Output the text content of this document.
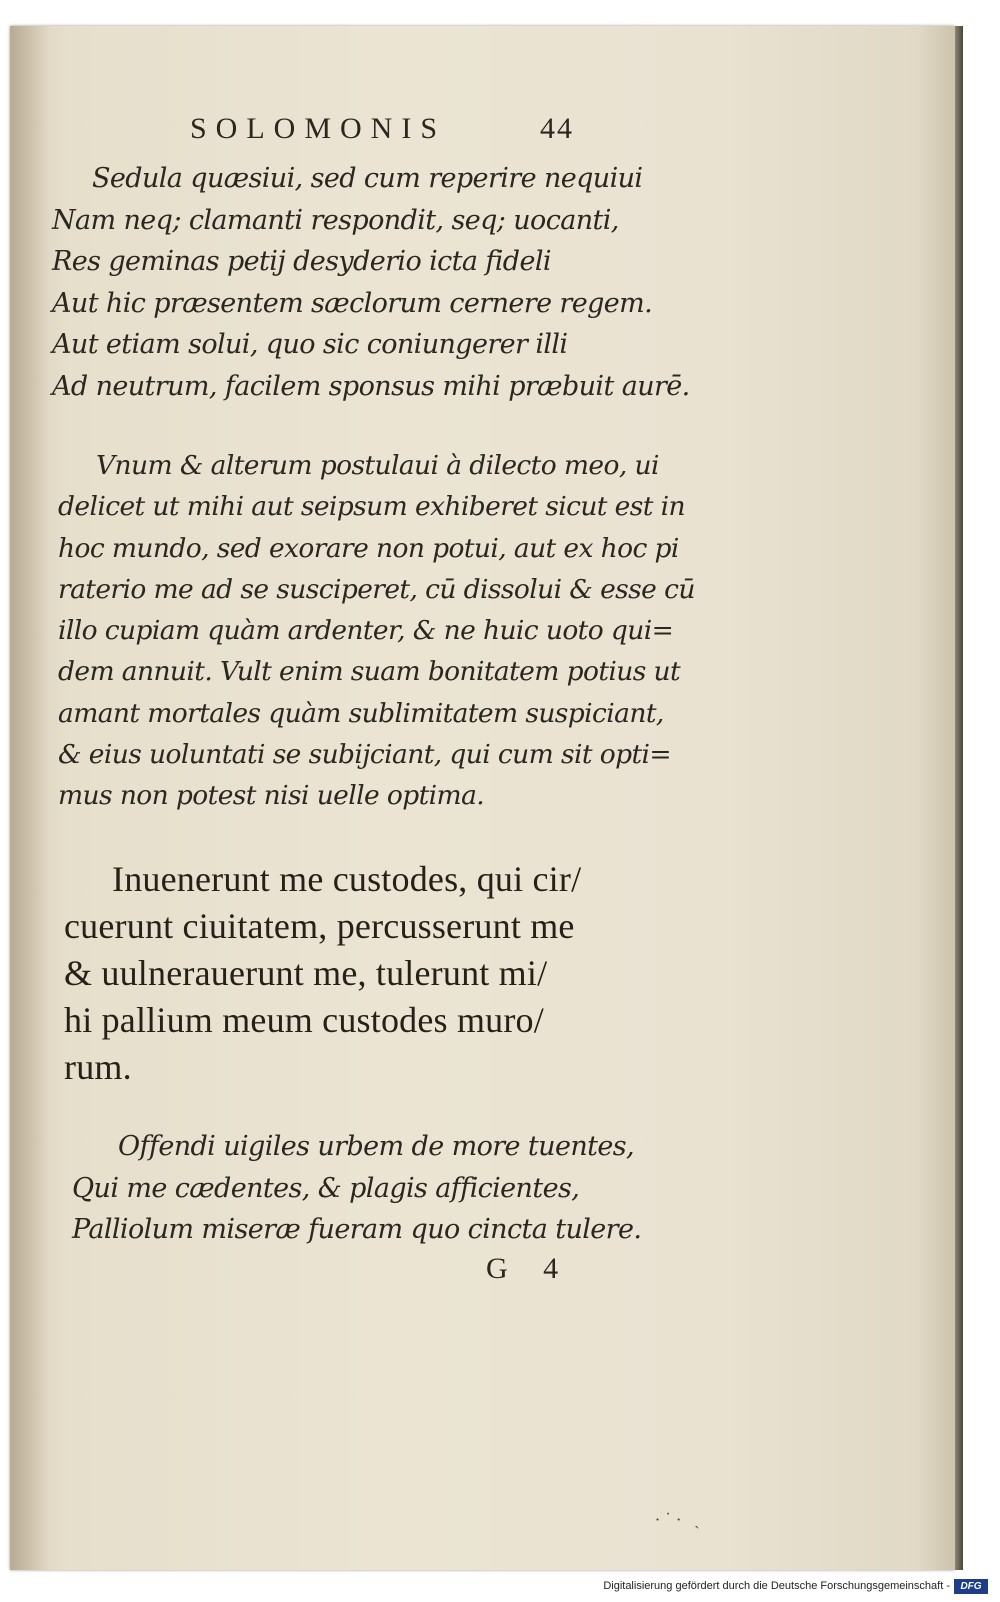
SOLOMONIS	44
Sedula quæsiui, sed cum reperire nequiui
Nam neq; clamanti respondit, seq; uocanti,
Res geminas petij desyderio icta fideli
Aut hic præsentem sæclorum cernere regem.
Aut etiam solui, quo sic coniungerer illi
Ad neutrum, facilem sponsus mihi præbuit aurē.
Vnum & alterum postulaui à dilecto meo, ui
delicet ut mihi aut seipsum exhiberet sicut est in
hoc mundo, sed exorare non potui, aut ex hoc pi
raterio me ad se susciperet, cū dissolui & esse cū
illo cupiam quàm ardenter, & ne huic uoto qui=
dem annuit. Vult enim suam bonitatem potius ut
amant mortales quàm sublimitatem suspiciant,
& eius uoluntati se subijciant, qui cum sit opti=
mus non potest nisi uelle optima.
Inuenerunt me custodes, qui cir/
cuerunt ciuitatem, percusserunt me
& uulnerauerunt me, tulerunt mi/
hi pallium meum custodes muro/
rum.
Offendi uigiles urbem de more tuentes,
Qui me cædentes, & plagis afficientes,
Palliolum miseræ fueram quo cincta tulere.
G 4
·˙· ˎ
Digitalisierung gefördert durch die Deutsche Forschungsgemeinschaft -	DFG
